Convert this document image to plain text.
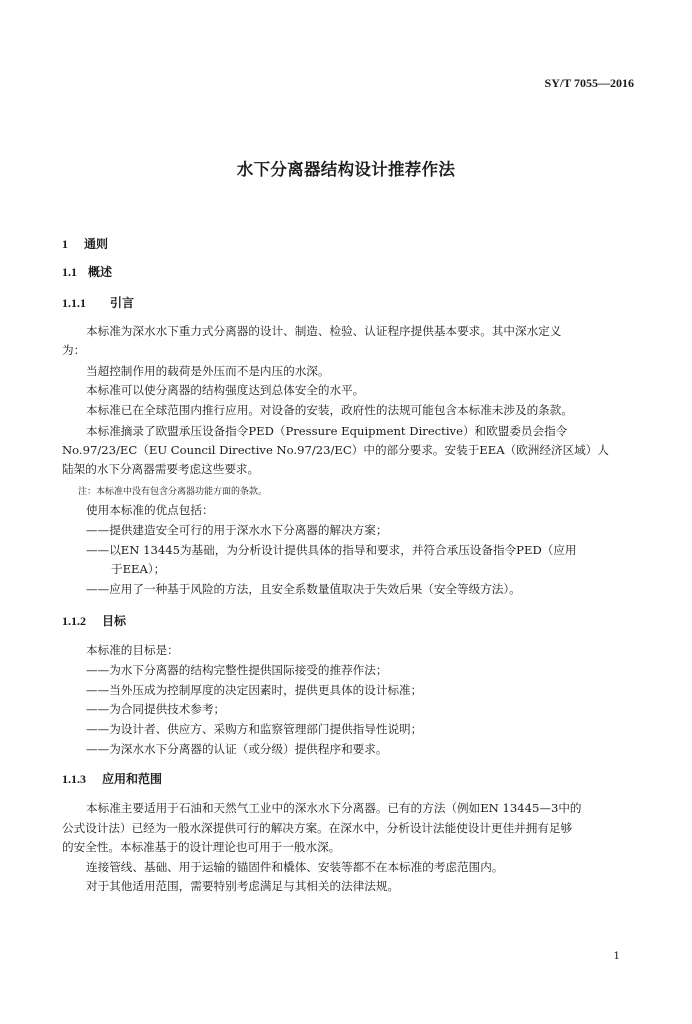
SY/T 7055—2016
水下分离器结构设计推荐作法
1 通则
1.1 概述
1.1.1 引言
本标准为深水水下重力式分离器的设计、制造、检验、认证程序提供基本要求。其中深水定义
为：
当超控制作用的载荷是外压而不是内压的水深。
本标准可以使分离器的结构强度达到总体安全的水平。
本标准已在全球范围内推行应用。对设备的安装，政府性的法规可能包含本标准未涉及的条款。
本标准摘录了欧盟承压设备指令PED（Pressure Equipment Directive）和欧盟委员会指令
No.97/23/EC（EU Council Directive No.97/23/EC）中的部分要求。安装于EEA（欧洲经济区域）人
陆架的水下分离器需要考虑这些要求。
注：本标准中没有包含分离器功能方面的条款。
使用本标准的优点包括：
——提供建造安全可行的用于深水水下分离器的解决方案；
——以EN 13445为基础，为分析设计提供具体的指导和要求，并符合承压设备指令PED（应用
于EEA）；
——应用了一种基于风险的方法，且安全系数量值取决于失效后果（安全等级方法）。
1.1.2 目标
本标准的目标是：
——为水下分离器的结构完整性提供国际接受的推荐作法；
——当外压成为控制厚度的决定因素时，提供更具体的设计标准；
——为合同提供技术参考；
——为设计者、供应方、采购方和监察管理部门提供指导性说明；
——为深水水下分离器的认证（或分级）提供程序和要求。
1.1.3 应用和范围
本标准主要适用于石油和天然气工业中的深水水下分离器。已有的方法（例如EN 13445—3中的
公式设计法）已经为一般水深提供可行的解决方案。在深水中，分析设计法能使设计更佳并拥有足够
的安全性。本标准基于的设计理论也可用于一般水深。
连接管线、基础、用于运输的锚固件和橇体、安装等都不在本标准的考虑范围内。
对于其他适用范围，需要特别考虑满足与其相关的法律法规。
1
